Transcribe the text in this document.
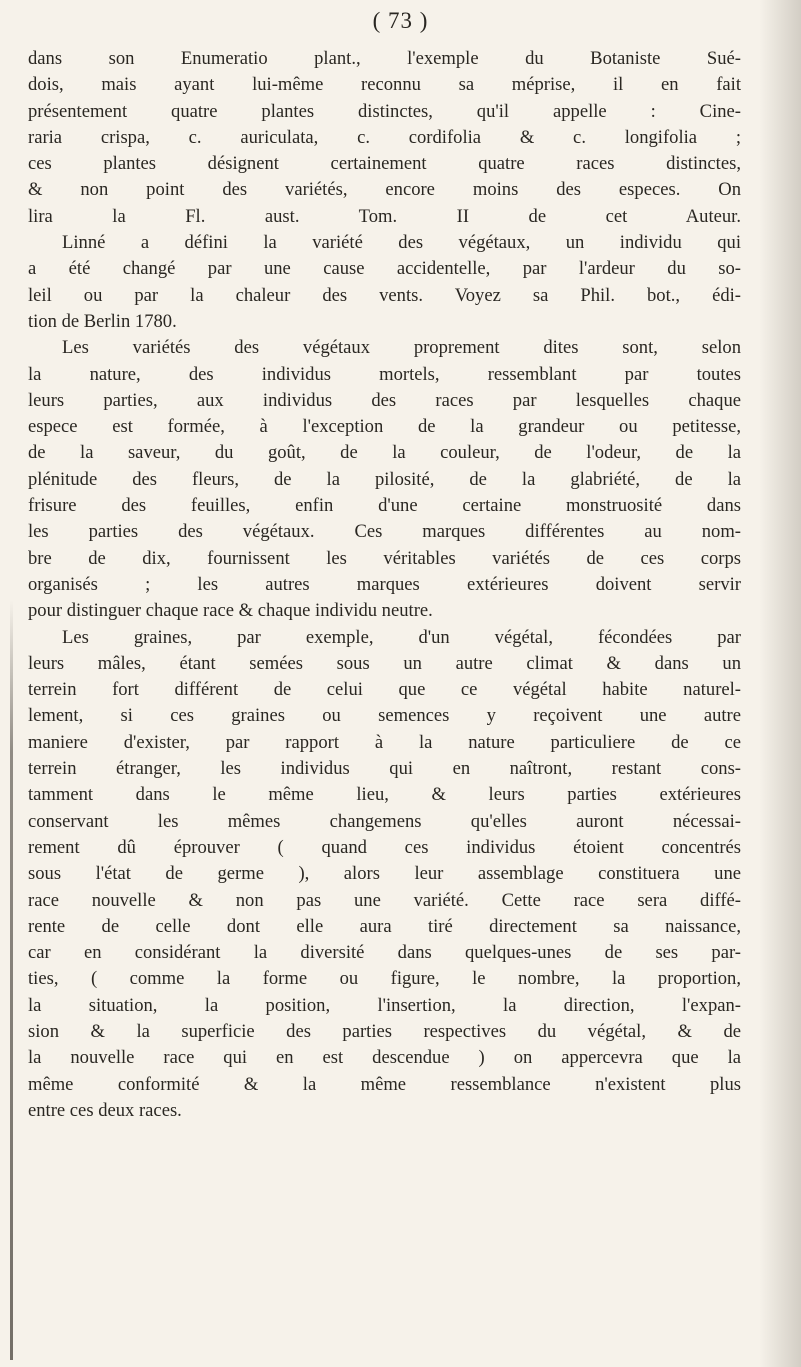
( 73 )
dans son Enumeratio plant., l'exemple du Botaniste Sué-
dois, mais ayant lui-même reconnu sa méprise, il en fait
présentement quatre plantes distinctes, qu'il appelle : Cine-
raria crispa, c. auriculata, c. cordifolia & c. longifolia ;
ces plantes désignent certainement quatre races distinctes,
& non point des variétés, encore moins des especes. On
lira la Fl. aust. Tom. II de cet Auteur.
Linné a défini la variété des végétaux, un individu qui
a été changé par une cause accidentelle, par l'ardeur du so-
leil ou par la chaleur des vents. Voyez sa Phil. bot., édi-
tion de Berlin 1780.
Les variétés des végétaux proprement dites sont, selon
la nature, des individus mortels, ressemblant par toutes
leurs parties, aux individus des races par lesquelles chaque
espece est formée, à l'exception de la grandeur ou petitesse,
de la saveur, du goût, de la couleur, de l'odeur, de la
plénitude des fleurs, de la pilosité, de la glabriété, de la
frisure des feuilles, enfin d'une certaine monstruosité dans
les parties des végétaux. Ces marques différentes au nom-
bre de dix, fournissent les véritables variétés de ces corps
organisés ; les autres marques extérieures doivent servir
pour distinguer chaque race & chaque individu neutre.
Les graines, par exemple, d'un végétal, fécondées par
leurs mâles, étant semées sous un autre climat & dans un
terrein fort différent de celui que ce végétal habite naturel-
lement, si ces graines ou semences y reçoivent une autre
maniere d'exister, par rapport à la nature particuliere de ce
terrein étranger, les individus qui en naîtront, restant cons-
tamment dans le même lieu, & leurs parties extérieures
conservant les mêmes changemens qu'elles auront nécessai-
rement dû éprouver ( quand ces individus étoient concentrés
sous l'état de germe ), alors leur assemblage constituera une
race nouvelle & non pas une variété. Cette race sera diffé-
rente de celle dont elle aura tiré directement sa naissance,
car en considérant la diversité dans quelques-unes de ses par-
ties, ( comme la forme ou figure, le nombre, la proportion,
la situation, la position, l'insertion, la direction, l'expan-
sion & la superficie des parties respectives du végétal, & de
la nouvelle race qui en est descendue ) on appercevra que la
même conformité & la même ressemblance n'existent plus
entre ces deux races.
